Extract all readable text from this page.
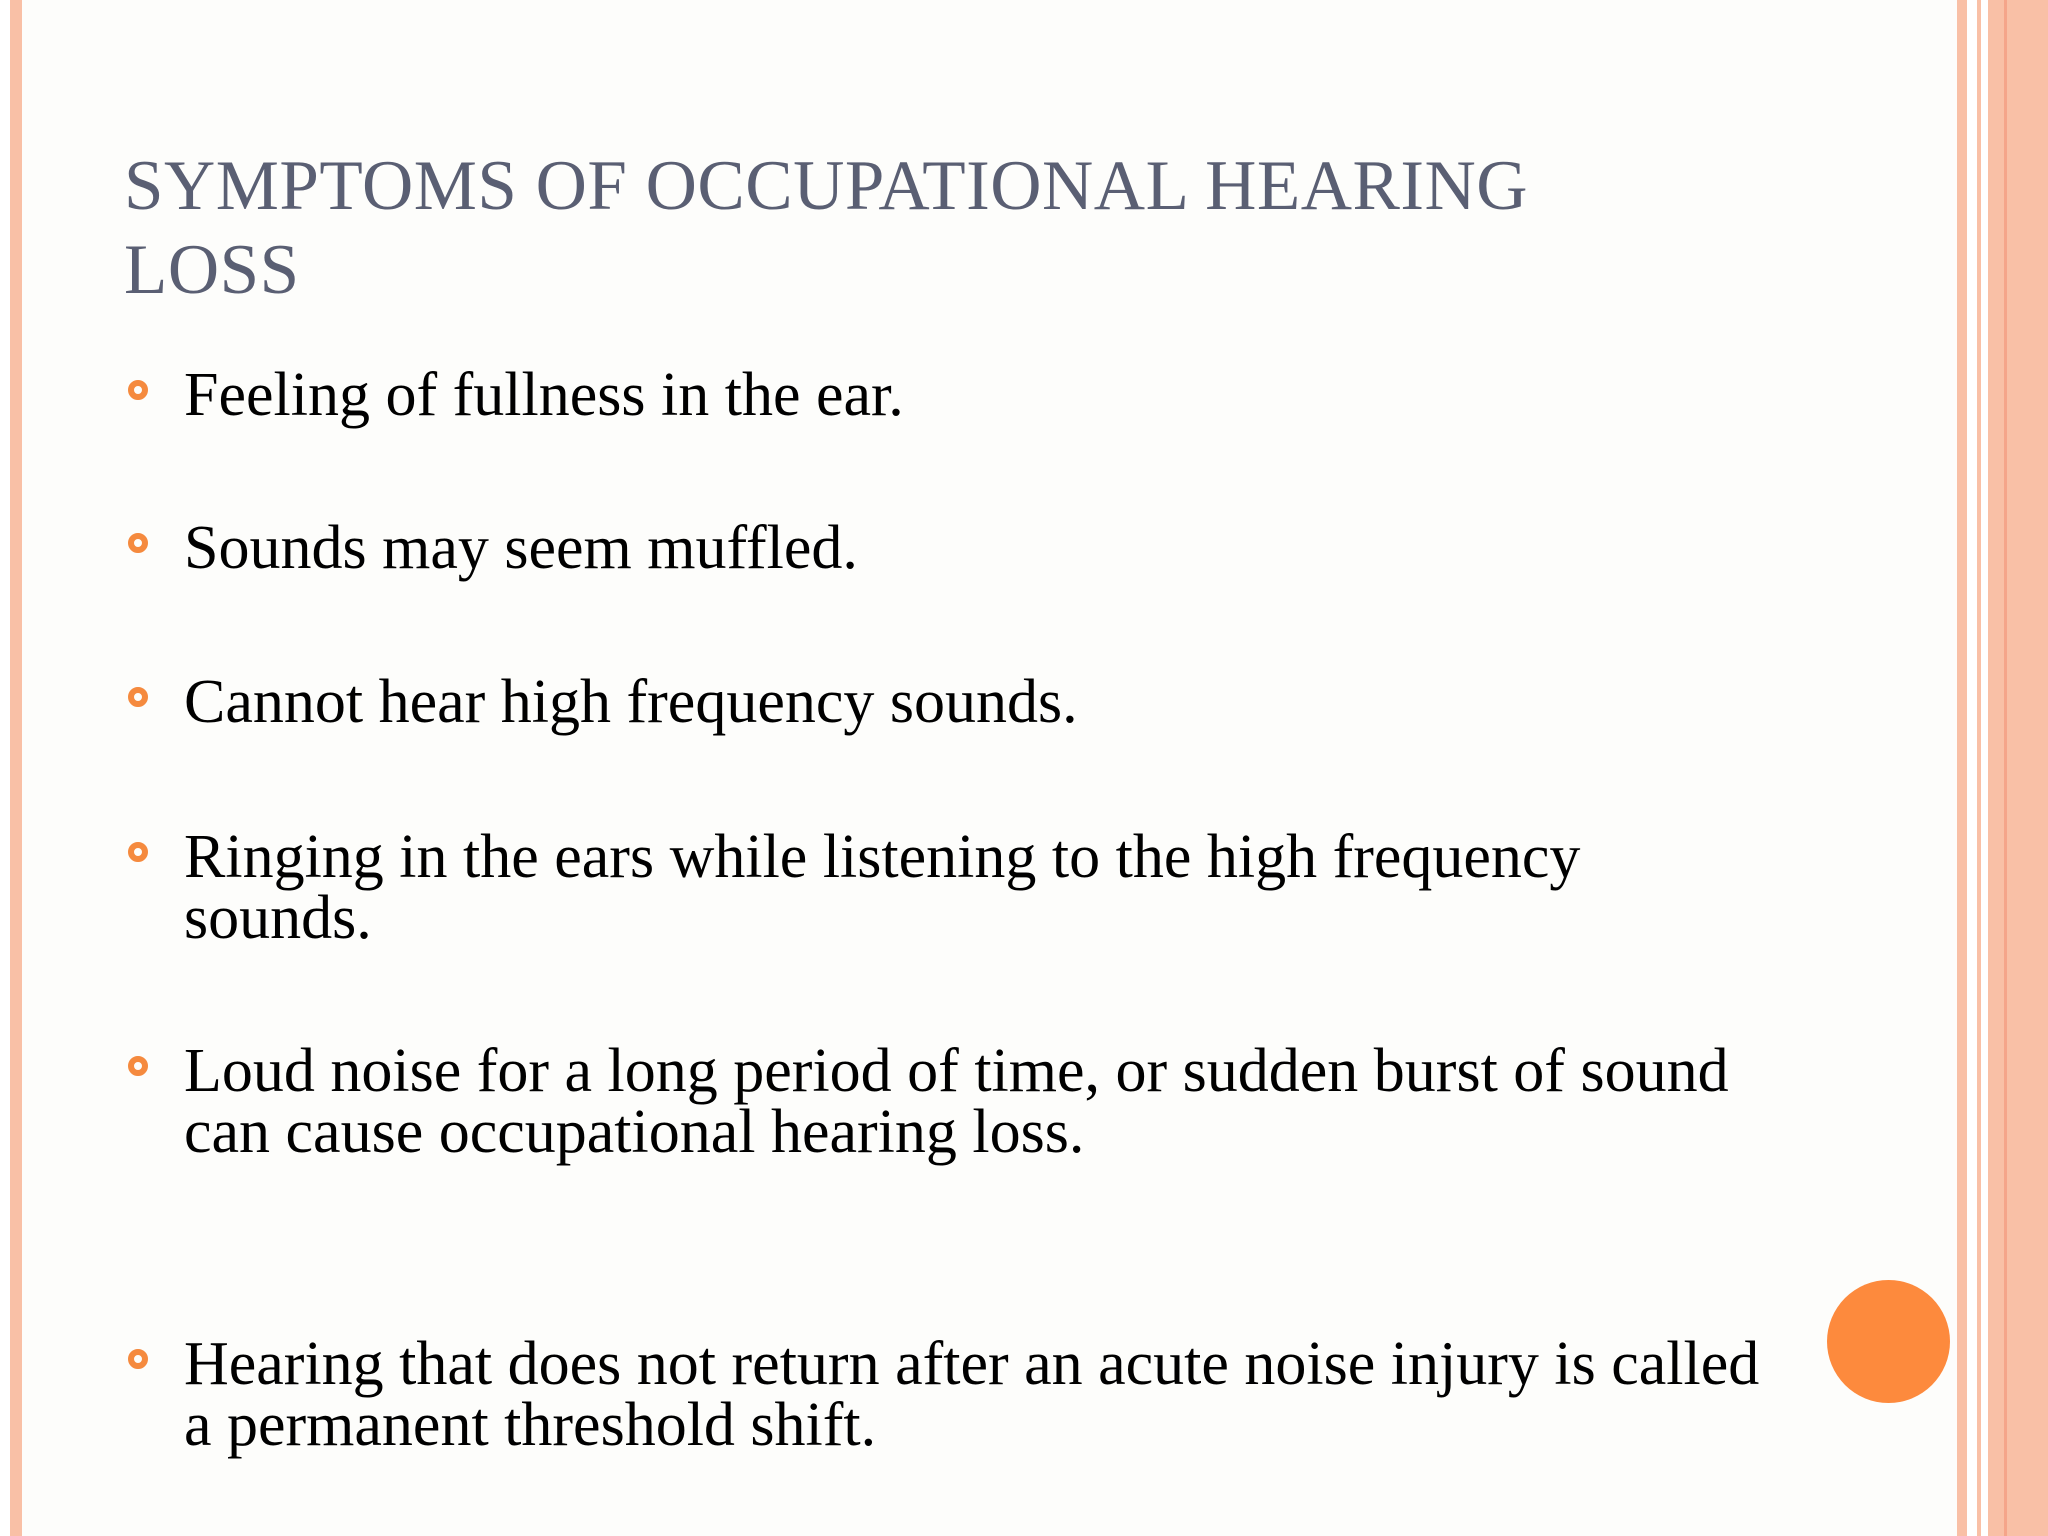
SYMPTOMS OF OCCUPATIONAL HEARING LOSS
Feeling of fullness in the ear.
Sounds may seem muffled.
Cannot hear high frequency sounds.
Ringing in the ears while listening to the high frequency sounds.
Loud noise for a long period of time, or sudden burst of sound can cause occupational hearing loss.
Hearing that does not return after an acute noise injury is called a permanent threshold shift.
